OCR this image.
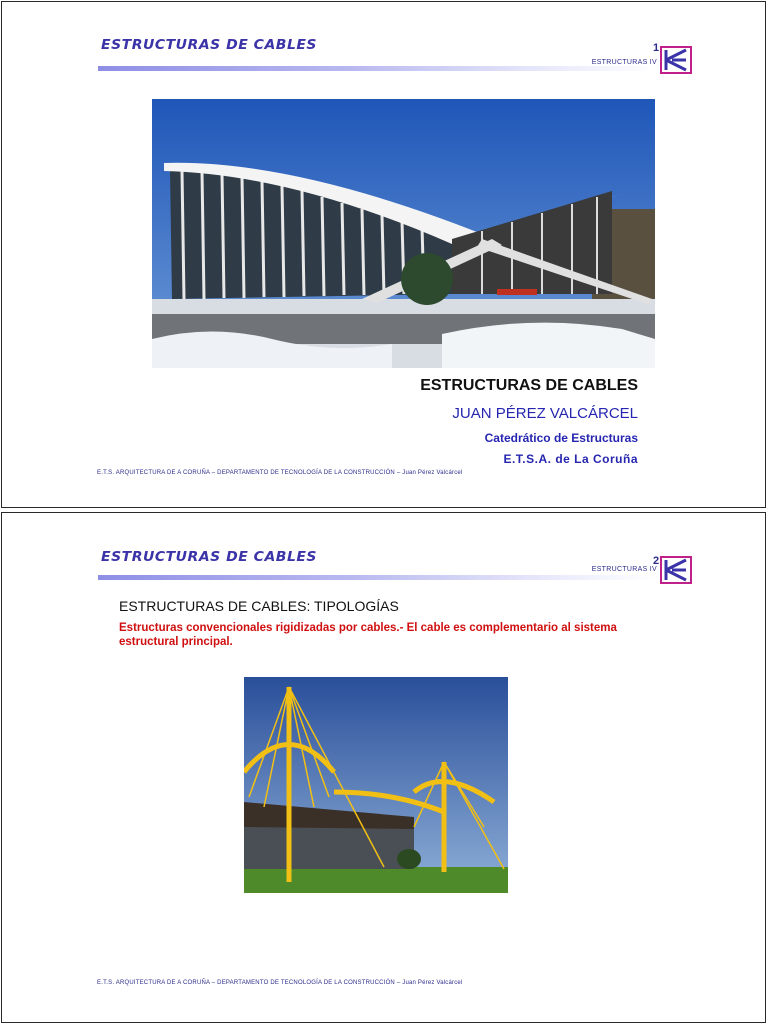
ESTRUCTURAS DE CABLES
ESTRUCTURAS IV
1
ESTRUCTURAS DE CABLES
JUAN PÉREZ VALCÁRCEL
Catedrático de Estructuras
E.T.S.A. de La Coruña
E.T.S. ARQUITECTURA DE A CORUÑA – DEPARTAMENTO DE TECNOLOGÍA DE LA CONSTRUCCIÓN – Juan Pérez Valcárcel
ESTRUCTURAS DE CABLES
ESTRUCTURAS IV
2
ESTRUCTURAS DE CABLES: TIPOLOGÍAS
Estructuras convencionales rigidizadas por cables.- El cable es complementario al sistema estructural principal.
E.T.S. ARQUITECTURA DE A CORUÑA – DEPARTAMENTO DE TECNOLOGÍA DE LA CONSTRUCCIÓN – Juan Pérez Valcárcel
